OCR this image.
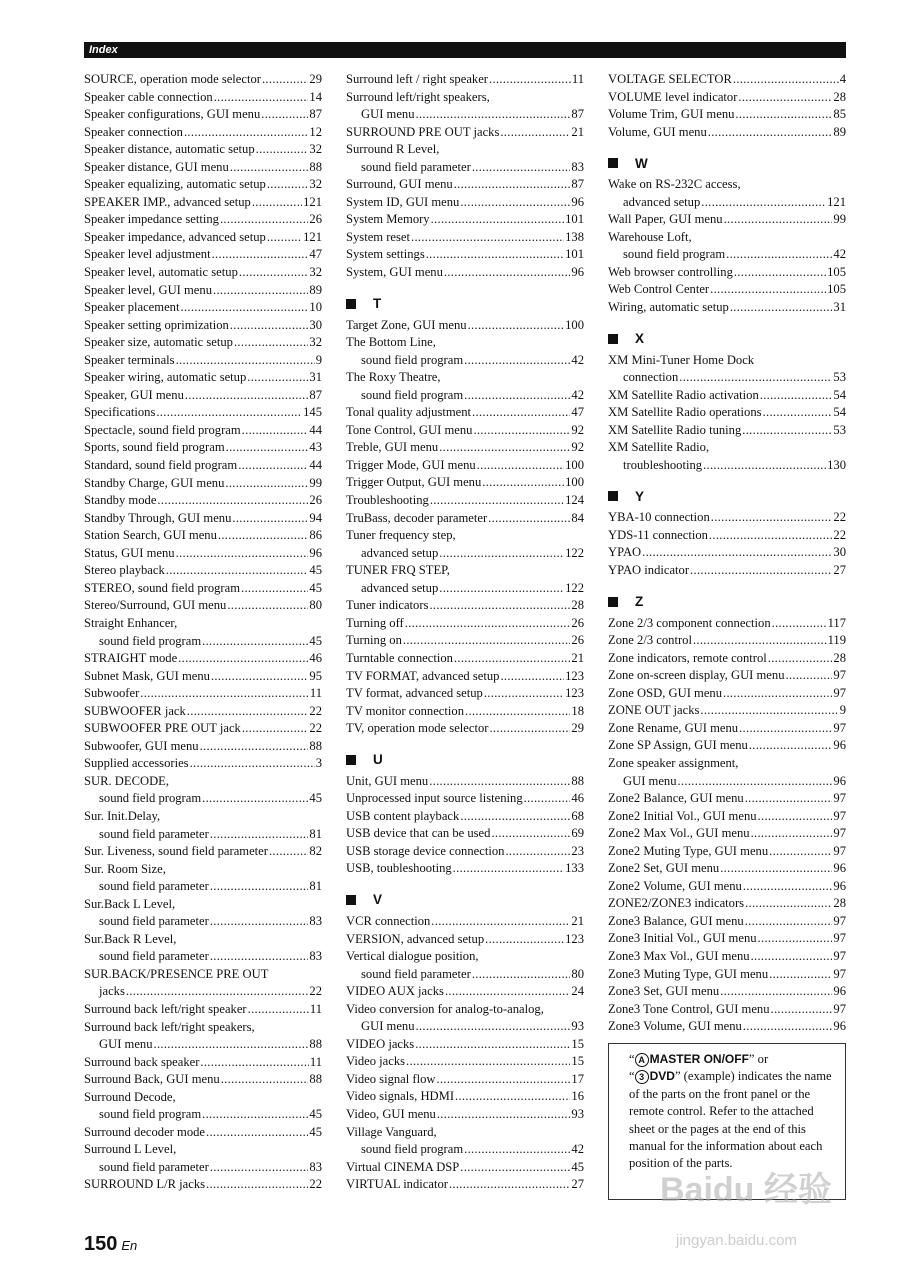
Index
SOURCE, operation mode selector .....	29
Speaker cable connection .....	14
Speaker configurations, GUI menu .....	87
Speaker connection .....	12
Speaker distance, automatic setup .....	32
Speaker distance, GUI menu .....	88
Speaker equalizing, automatic setup .....	32
SPEAKER IMP., advanced setup .....	121
Speaker impedance setting .....	26
Speaker impedance, advanced setup .....	121
Speaker level adjustment .....	47
Speaker level, automatic setup .....	32
Speaker level, GUI menu .....	89
Speaker placement .....	10
Speaker setting oprimization .....	30
Speaker size, automatic setup .....	32
Speaker terminals .....	9
Speaker wiring, automatic setup .....	31
Speaker, GUI menu .....	87
Specifications .....	145
Spectacle, sound field program .....	44
Sports, sound field program .....	43
Standard, sound field program .....	44
Standby Charge, GUI menu .....	99
Standby mode .....	26
Standby Through, GUI menu .....	94
Station Search, GUI menu .....	86
Status, GUI menu .....	96
Stereo playback .....	45
STEREO, sound field program .....	45
Stereo/Surround, GUI menu .....	80
Straight Enhancer,
sound field program .....	45
STRAIGHT mode .....	46
Subnet Mask, GUI menu .....	95
Subwoofer .....	11
SUBWOOFER jack .....	22
SUBWOOFER PRE OUT jack .....	22
Subwoofer, GUI menu .....	88
Supplied accessories .....	3
SUR. DECODE,
sound field program .....	45
Sur. Init.Delay,
sound field parameter .....	81
Sur. Liveness, sound field parameter .....	82
Sur. Room Size,
sound field parameter .....	81
Sur.Back L Level,
sound field parameter .....	83
Sur.Back R Level,
sound field parameter .....	83
SUR.BACK/PRESENCE PRE OUT
jacks .....	22
Surround back left/right speaker .....	11
Surround back left/right speakers,
GUI menu .....	88
Surround back speaker .....	11
Surround Back, GUI menu .....	88
Surround Decode,
sound field program .....	45
Surround decoder mode .....	45
Surround L Level,
sound field parameter .....	83
SURROUND L/R jacks .....	22
Surround left / right speaker .....	11
Surround left/right speakers,
GUI menu .....	87
SURROUND PRE OUT jacks .....	21
Surround R Level,
sound field parameter .....	83
Surround, GUI menu .....	87
System ID, GUI menu .....	96
System Memory .....	101
System reset .....	138
System settings .....	101
System, GUI menu .....	96
T
Target Zone, GUI menu .....	100
The Bottom Line,
sound field program .....	42
The Roxy Theatre,
sound field program .....	42
Tonal quality adjustment .....	47
Tone Control, GUI menu .....	92
Treble, GUI menu .....	92
Trigger Mode, GUI menu .....	100
Trigger Output, GUI menu .....	100
Troubleshooting .....	124
TruBass, decoder parameter .....	84
Tuner frequency step,
advanced setup .....	122
TUNER FRQ STEP,
advanced setup .....	122
Tuner indicators .....	28
Turning off .....	26
Turning on .....	26
Turntable connection .....	21
TV FORMAT, advanced setup .....	123
TV format, advanced setup .....	123
TV monitor connection .....	18
TV, operation mode selector .....	29
U
Unit, GUI menu .....	88
Unprocessed input source listening .....	46
USB content playback .....	68
USB device that can be used .....	69
USB storage device connection .....	23
USB, toubleshooting .....	133
V
VCR connection .....	21
VERSION, advanced setup .....	123
Vertical dialogue position,
sound field parameter .....	80
VIDEO AUX jacks .....	24
Video conversion for analog-to-analog,
GUI menu .....	93
VIDEO jacks .....	15
Video jacks .....	15
Video signal flow .....	17
Video signals, HDMI .....	16
Video, GUI menu .....	93
Village Vanguard,
sound field program .....	42
Virtual CINEMA DSP .....	45
VIRTUAL indicator .....	27
VOLTAGE SELECTOR .....	4
VOLUME level indicator .....	28
Volume Trim, GUI menu .....	85
Volume, GUI menu .....	89
W
Wake on RS-232C access,
advanced setup .....	121
Wall Paper, GUI menu .....	99
Warehouse Loft,
sound field program .....	42
Web browser controlling .....	105
Web Control Center .....	105
Wiring, automatic setup .....	31
X
XM Mini-Tuner Home Dock
connection .....	53
XM Satellite Radio activation .....	54
XM Satellite Radio operations .....	54
XM Satellite Radio tuning .....	53
XM Satellite Radio,
troubleshooting .....	130
Y
YBA-10 connection .....	22
YDS-11 connection .....	22
YPAO .....	30
YPAO indicator .....	27
Z
Zone 2/3 component connection .....	117
Zone 2/3 control .....	119
Zone indicators, remote control .....	28
Zone on-screen display, GUI menu .....	97
Zone OSD, GUI menu .....	97
ZONE OUT jacks .....	9
Zone Rename, GUI menu .....	97
Zone SP Assign, GUI menu .....	96
Zone speaker assignment,
GUI menu .....	96
Zone2 Balance, GUI menu .....	97
Zone2 Initial Vol., GUI menu .....	97
Zone2 Max Vol., GUI menu .....	97
Zone2 Muting Type, GUI menu .....	97
Zone2 Set, GUI menu .....	96
Zone2 Volume, GUI menu .....	96
ZONE2/ZONE3 indicators .....	28
Zone3 Balance, GUI menu .....	97
Zone3 Initial Vol., GUI menu .....	97
Zone3 Max Vol., GUI menu .....	97
Zone3 Muting Type, GUI menu .....	97
Zone3 Set, GUI menu .....	96
Zone3 Tone Control, GUI menu .....	97
Zone3 Volume, GUI menu .....	96
“ A MASTER ON/OFF” or
“ 3 DVD” (example) indicates the name of the parts on the front panel or the remote control. Refer to the attached sheet or the pages at the end of this manual for the information about each position of the parts.
150 En
Baidu 经验
jingyan.baidu.com
